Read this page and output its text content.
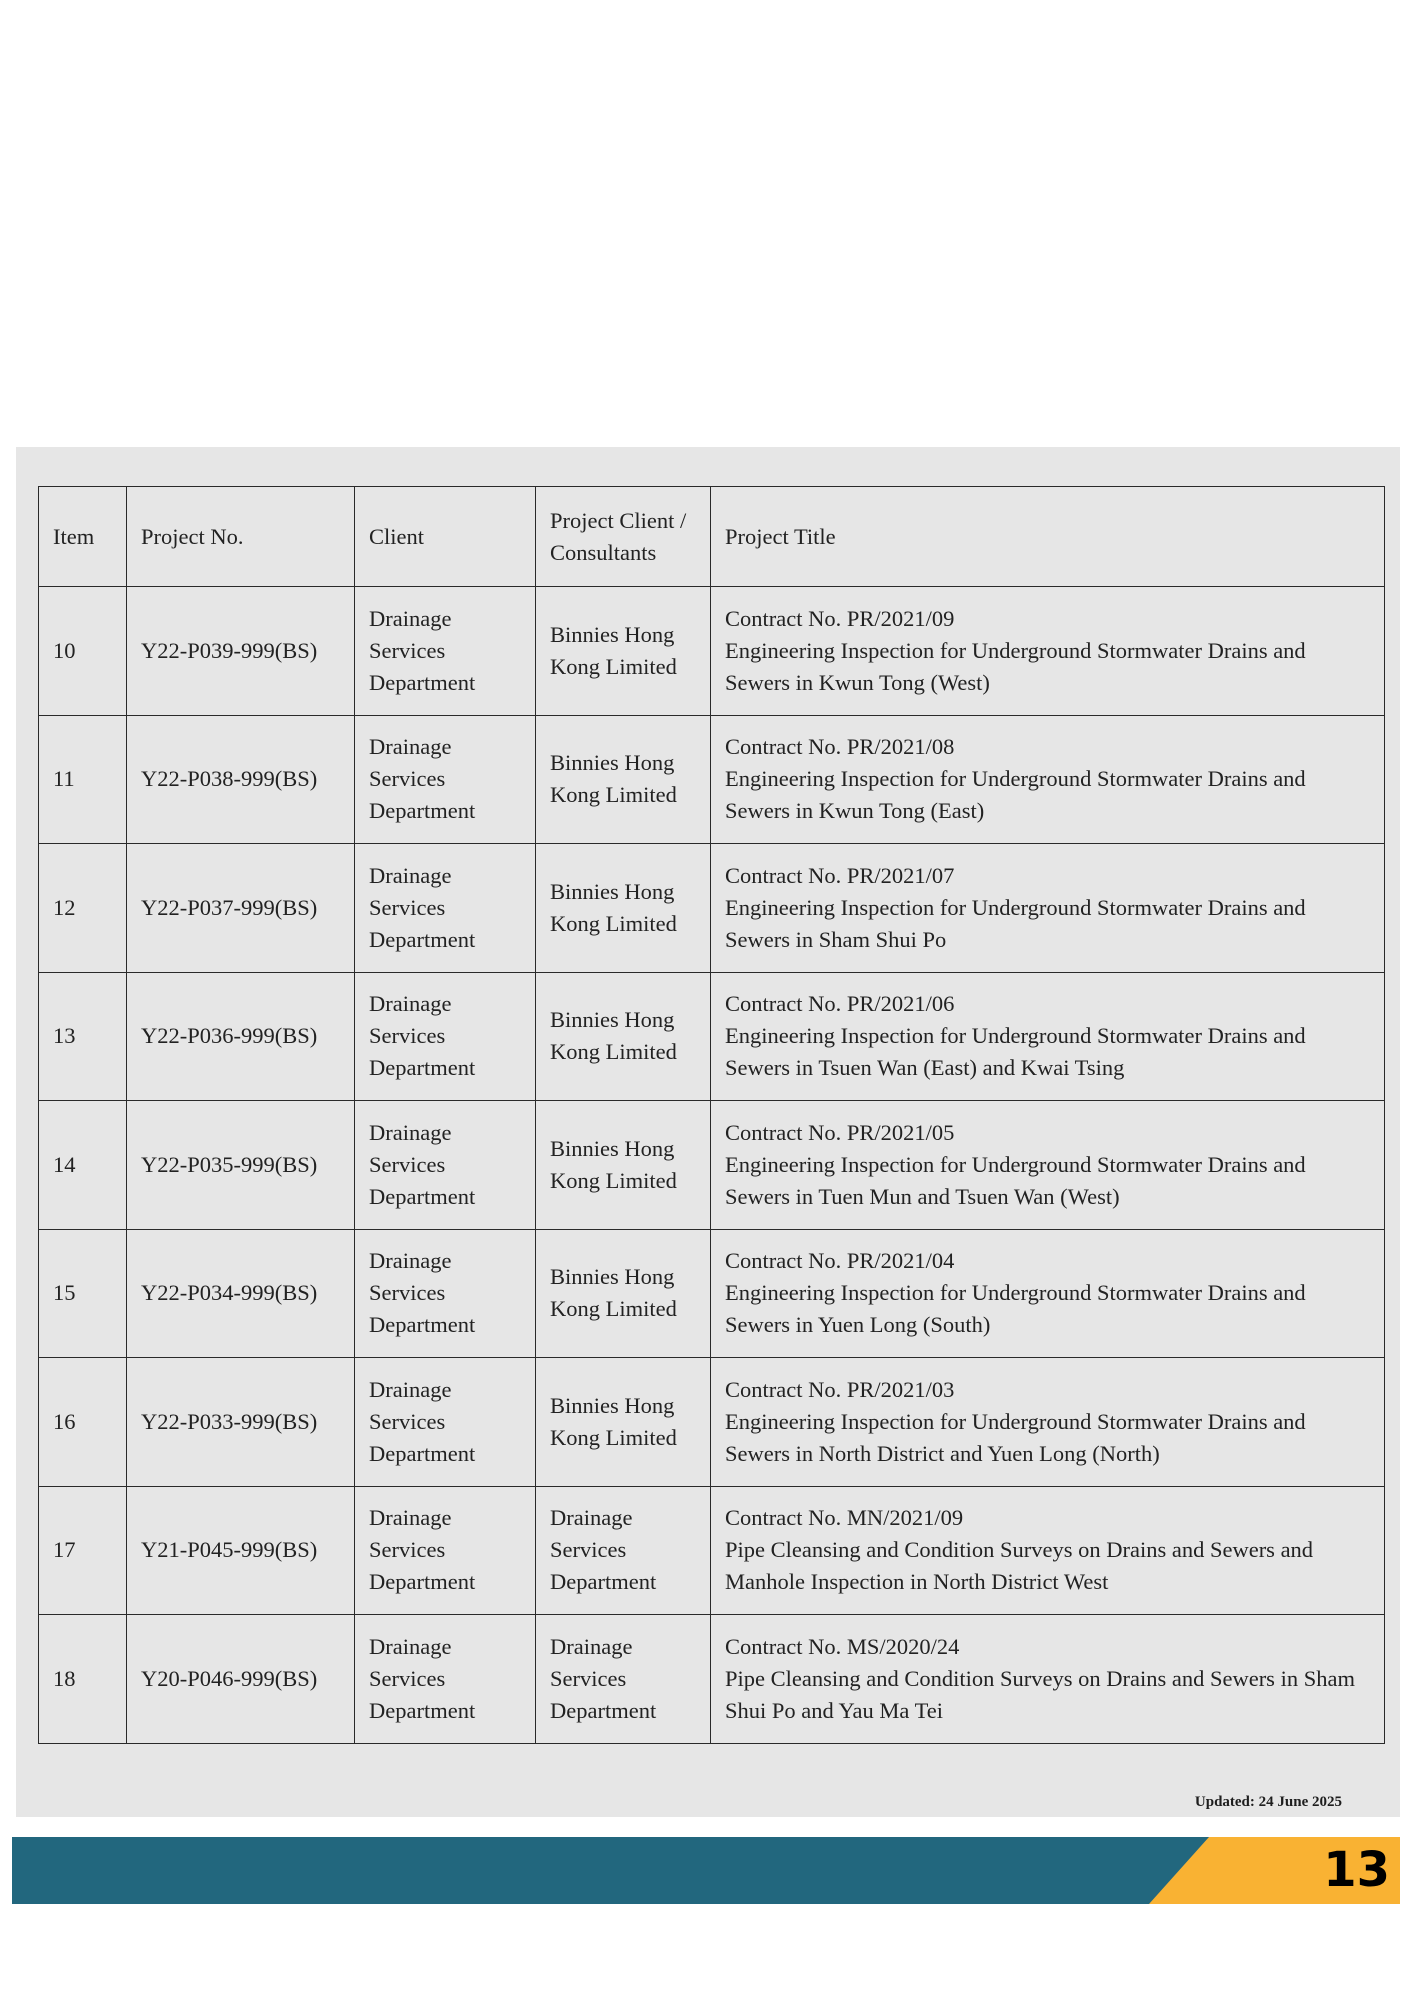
Item	Project No.	Client	Project Client / Consultants	Project Title
10	Y22-P039-999(BS)	Drainage Services Department	Binnies Hong Kong Limited	Contract No. PR/2021/09
Engineering Inspection for Underground Stormwater Drains and Sewers in Kwun Tong (West)

11	Y22-P038-999(BS)	Drainage Services Department	Binnies Hong Kong Limited	Contract No. PR/2021/08
Engineering Inspection for Underground Stormwater Drains and Sewers in Kwun Tong (East)

12	Y22-P037-999(BS)	Drainage Services Department	Binnies Hong Kong Limited	Contract No. PR/2021/07
Engineering Inspection for Underground Stormwater Drains and Sewers in Sham Shui Po

13	Y22-P036-999(BS)	Drainage Services Department	Binnies Hong Kong Limited	Contract No. PR/2021/06
Engineering Inspection for Underground Stormwater Drains and Sewers in Tsuen Wan (East) and Kwai Tsing

14	Y22-P035-999(BS)	Drainage Services Department	Binnies Hong Kong Limited	Contract No. PR/2021/05
Engineering Inspection for Underground Stormwater Drains and Sewers in Tuen Mun and Tsuen Wan (West)

15	Y22-P034-999(BS)	Drainage Services Department	Binnies Hong Kong Limited	Contract No. PR/2021/04
Engineering Inspection for Underground Stormwater Drains and Sewers in Yuen Long (South)

16	Y22-P033-999(BS)	Drainage Services Department	Binnies Hong Kong Limited	Contract No. PR/2021/03
Engineering Inspection for Underground Stormwater Drains and Sewers in North District and Yuen Long (North)

17	Y21-P045-999(BS)	Drainage Services Department	Drainage Services Department	Contract No. MN/2021/09
Pipe Cleansing and Condition Surveys on Drains and Sewers and Manhole Inspection in North District West

18	Y20-P046-999(BS)	Drainage Services Department	Drainage Services Department	Contract No. MS/2020/24
Pipe Cleansing and Condition Surveys on Drains and Sewers in Sham Shui Po and Yau Ma Tei
Updated: 24 June 2025
13
